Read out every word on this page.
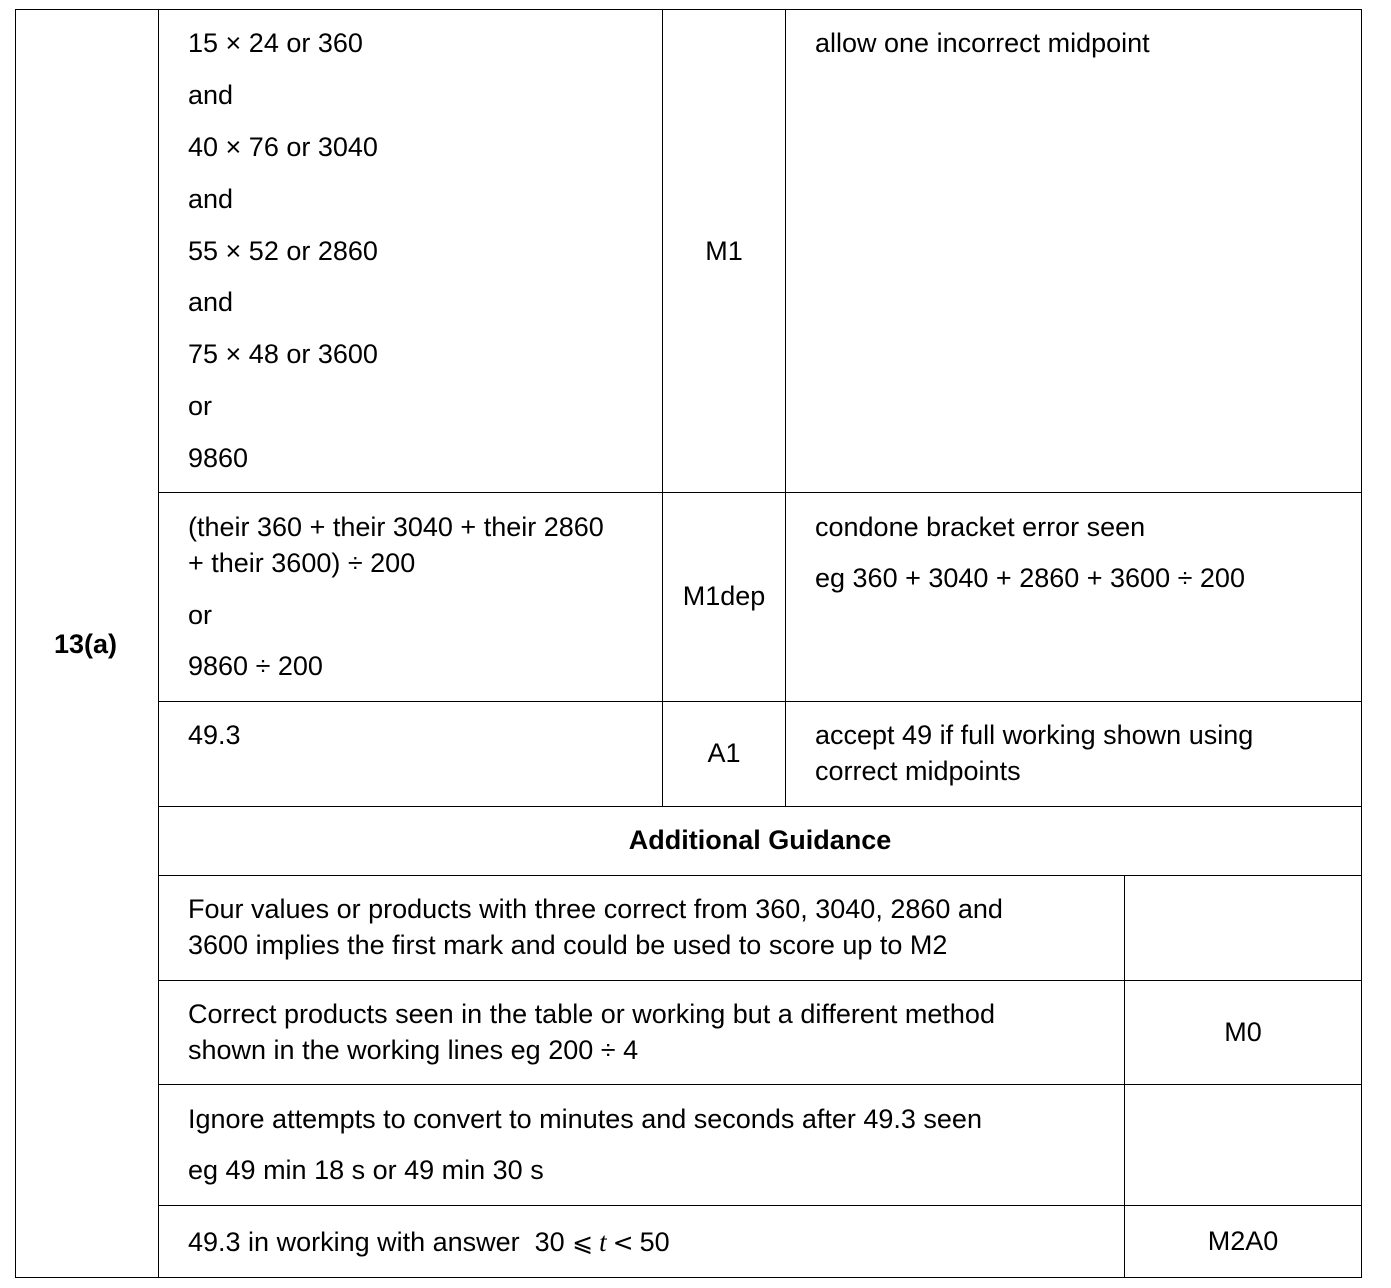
13(a)
15 × 24 or 360
and
40 × 76 or 3040
and
55 × 52 or 2860
and
75 × 48 or 3600
or
9860
M1
allow one incorrect midpoint
(their 360 + their 3040 + their 2860
+ their 3600) ÷ 200
or
9860 ÷ 200
M1dep
condone bracket error seen
eg 360 + 3040 + 2860 + 3600 ÷ 200
49.3
A1
accept 49 if full working shown using
correct midpoints
Additional Guidance
Four values or products with three correct from 360, 3040, 2860 and
3600 implies the first mark and could be used to score up to M2
Correct products seen in the table or working but a different method
shown in the working lines eg 200 ÷ 4
M0
Ignore attempts to convert to minutes and seconds after 49.3 seen
eg 49 min 18 s or 49 min 30 s
49.3 in working with answer  30 ⩽ t < 50	M2A0
